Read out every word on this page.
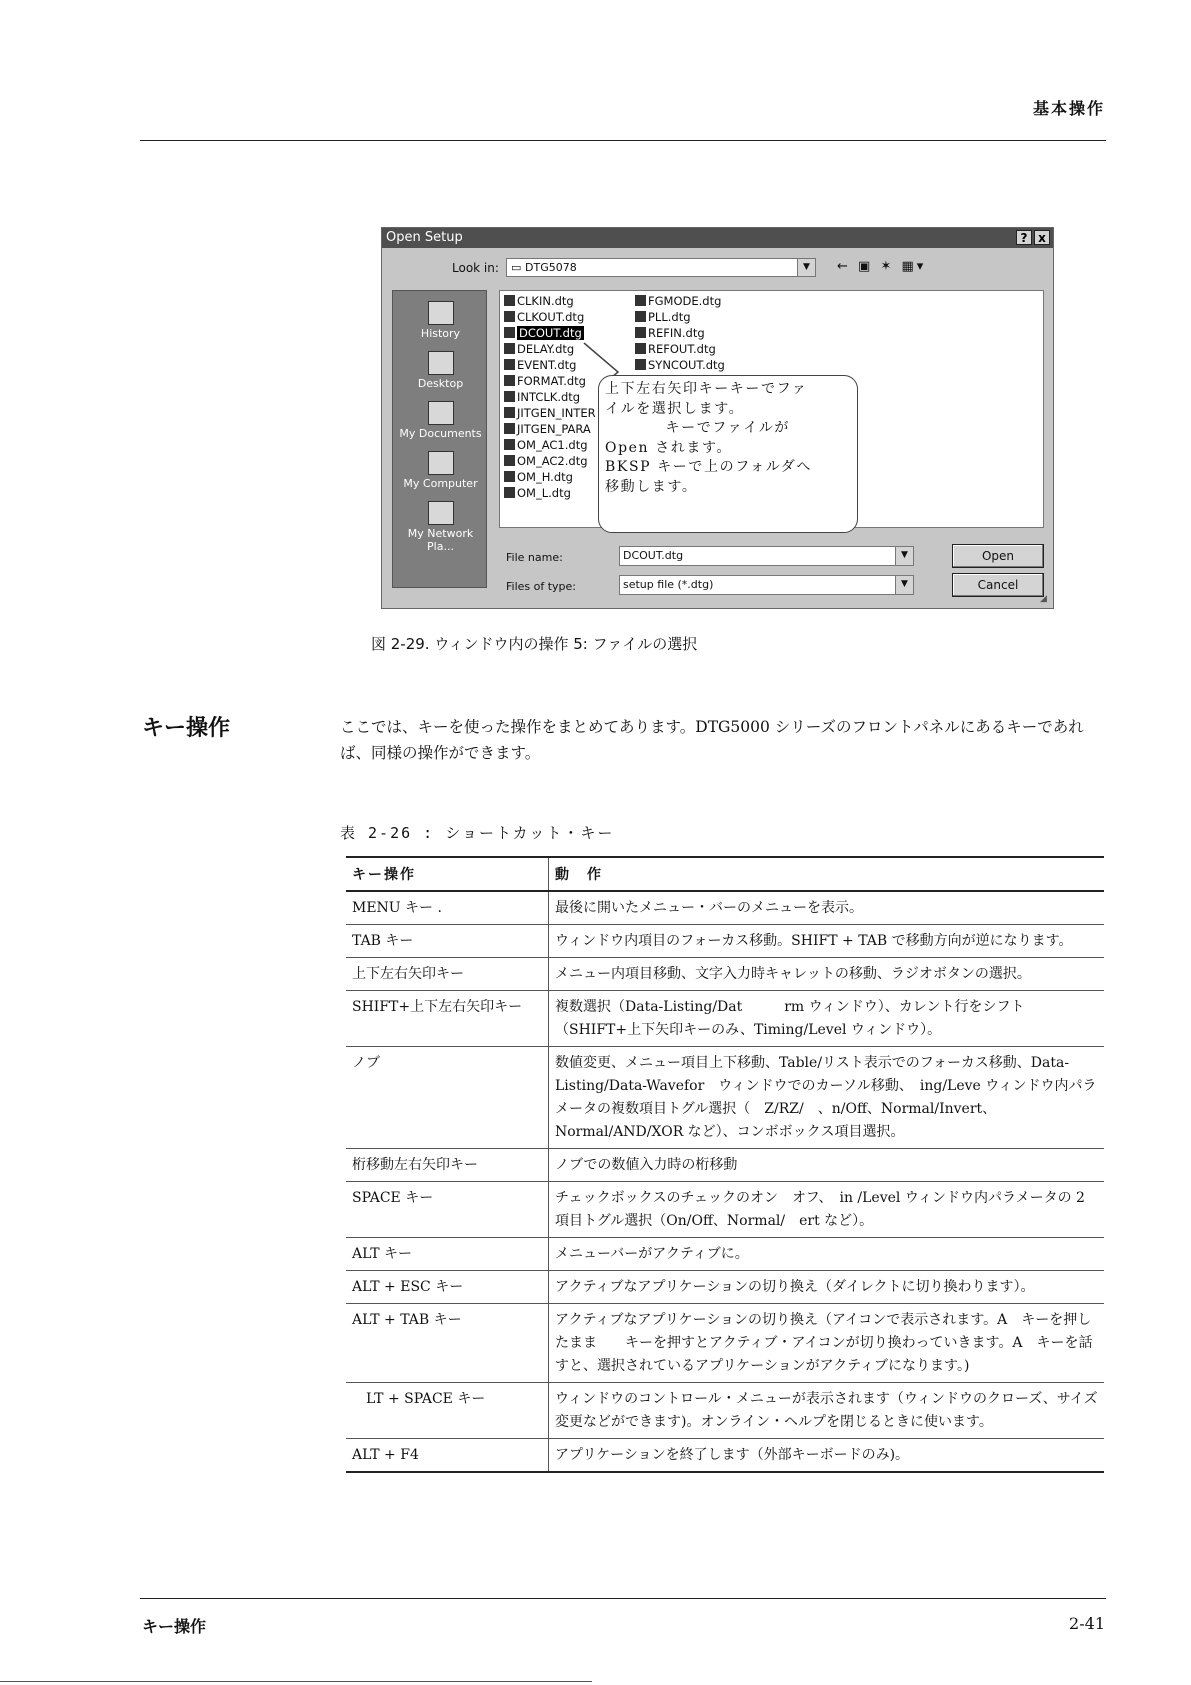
基本操作
Open Setup	? x
Look in: ▭ DTG5078	▼	← ▣ ✶ ▦▾
History
Desktop
My Documents
My Computer
My Network Pla...
CLKIN.dtg
CLKOUT.dtg
DCOUT.dtg
DELAY.dtg
EVENT.dtg
FORMAT.dtg
INTCLK.dtg
JITGEN_INTER
JITGEN_PARA
OM_AC1.dtg
OM_AC2.dtg
OM_H.dtg
OM_L.dtg
FGMODE.dtg
PLL.dtg
REFIN.dtg
REFOUT.dtg
SYNCOUT.dtg
File name:	DCOUT.dtg	▼
Files of type:	setup file (*.dtg)	▼
Open
Cancel
◢
上下左右矢印キーキーでファ
イルを選択します。
キーでファイルが
Open されます。
BKSP キーで上のフォルダへ
移動します。
図 2-29. ウィンドウ内の操作 5: ファイルの選択
キー操作	ここでは、キーを使った操作をまとめてあります。DTG5000 シリーズのフロントパネルにあるキーであれば、同様の操作ができます。
表 2-26 : ショートカット・キー
キー操作	動　作
MENU キー .	最後に開いたメニュー・バーのメニューを表示。
TAB キー	ウィンドウ内項目のフォーカス移動。SHIFT + TAB で移動方向が逆になります。
上下左右矢印キー	メニュー内項目移動、文字入力時キャレットの移動、ラジオボタンの選択。
SHIFT+上下左右矢印キー	複数選択（Data-Listing/Dat　　　rm ウィンドウ）、カレント行をシフト（SHIFT+上下矢印キーのみ、Timing/Level ウィンドウ）。
ノブ	数値変更、メニュー項目上下移動、Table/リスト表示でのフォーカス移動、Data-Listing/Data-Wavefor　ウィンドウでのカーソル移動、　ing/Leve ウィンドウ内パラメータの複数項目トグル選択（　Z/RZ/　、n/Off、Normal/Invert、Normal/AND/XOR など）、コンボボックス項目選択。
桁移動左右矢印キー	ノブでの数値入力時の桁移動
SPACE キー	チェックボックスのチェックのオン　オフ、　in /Level ウィンドウ内パラメータの 2 項目トグル選択（On/Off、Normal/　ert など）。
ALT キー	メニューバーがアクティブに。
ALT + ESC キー	アクティブなアプリケーションの切り換え（ダイレクトに切り換わります）。
ALT + TAB キー	アクティブなアプリケーションの切り換え（アイコンで表示されます。A　キーを押したまま　　キーを押すとアクティブ・アイコンが切り換わっていきます。A　キーを話すと、選択されているアプリケーションがアクティブになります。)
　LT + SPACE キー	ウィンドウのコントロール・メニューが表示されます（ウィンドウのクローズ、サイズ変更などができます)。オンライン・ヘルプを閉じるときに使います。
ALT + F4	アプリケーションを終了します（外部キーボードのみ)。
キー操作	2-41
